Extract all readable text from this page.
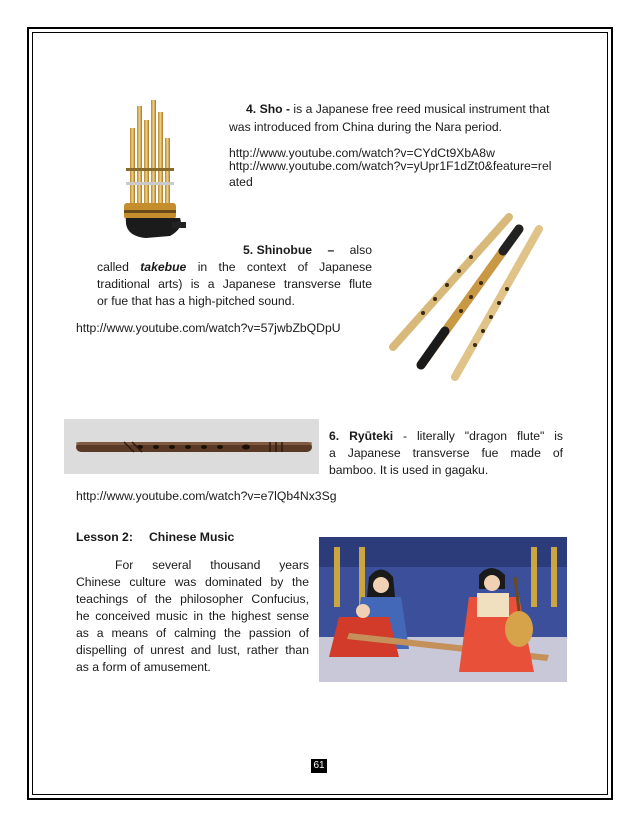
4. Sho - is a Japanese free reed musical instrument that
was introduced from China during the Nara period.
http://www.youtube.com/watch?v=CYdCt9XbA8w
http://www.youtube.com/watch?v=yUpr1F1dZt0&feature=rel
ated
5. Shinobue – also
called takebue in the context of Japanese
traditional arts) is a Japanese transverse flute
or fue that has a high-pitched sound.
http://www.youtube.com/watch?v=57jwbZbQDpU
6. Ryūteki - literally "dragon flute" is
a Japanese transverse fue made of
bamboo. It is used in gagaku.
http://www.youtube.com/watch?v=e7lQb4Nx3Sg
Lesson 2: Chinese Music
For several thousand years
Chinese culture was dominated by the
teachings of the philosopher Confucius,
he conceived music in the highest sense
as a means of calming the passion of
dispelling of unrest and lust, rather than
as a form of amusement.
61
